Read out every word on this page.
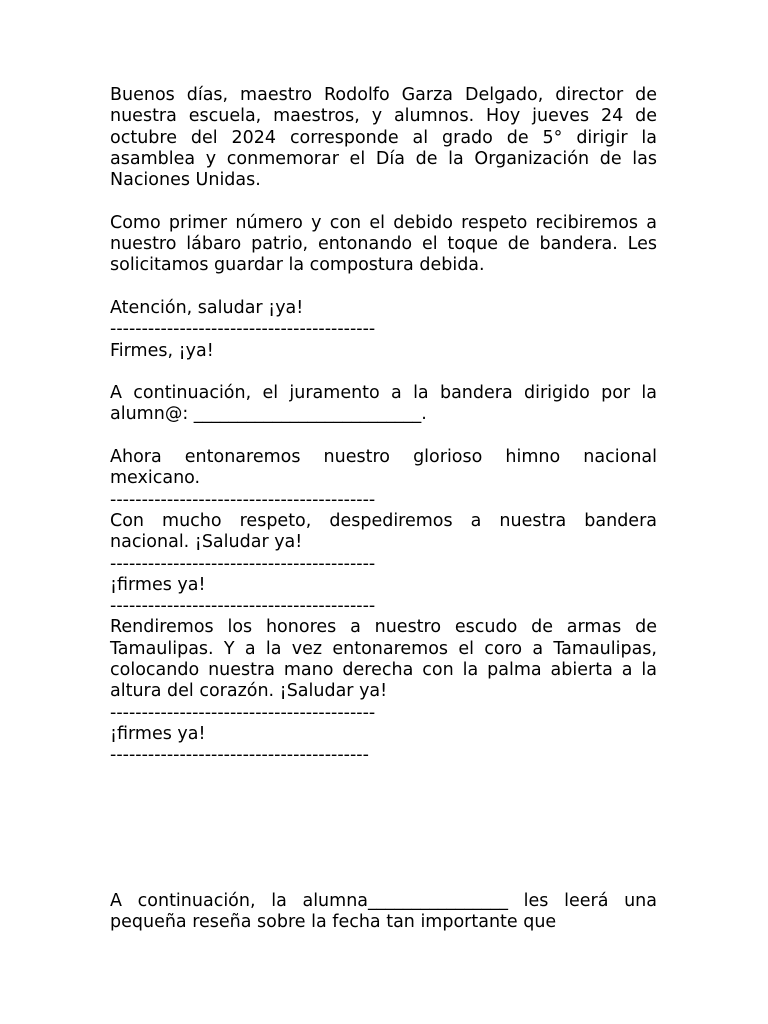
Buenos días, maestro Rodolfo Garza Delgado, director de nuestra escuela, maestros, y alumnos. Hoy jueves 24 de octubre del 2024 corresponde al grado de 5° dirigir la asamblea y conmemorar el Día de la Organización de las Naciones Unidas.

Como primer número y con el debido respeto recibiremos a nuestro lábaro patrio, entonando el toque de bandera. Les solicitamos guardar la compostura debida.

Atención, saludar ¡ya!

------------------------------------------

Firmes, ¡ya!

A continuación, el juramento a la bandera dirigido por la alumn@: __________________________.

Ahora entonaremos nuestro glorioso himno nacional mexicano.

------------------------------------------

Con mucho respeto, despediremos a nuestra bandera nacional. ¡Saludar ya!

------------------------------------------

¡firmes ya!

------------------------------------------

Rendiremos los honores a nuestro escudo de armas de Tamaulipas. Y a la vez entonaremos el coro a Tamaulipas, colocando nuestra mano derecha con la palma abierta a la altura del corazón. ¡Saludar ya!

------------------------------------------

¡firmes ya!

-----------------------------------------

A continuación, la alumna________________ les leerá una pequeña reseña sobre la fecha tan importante que
